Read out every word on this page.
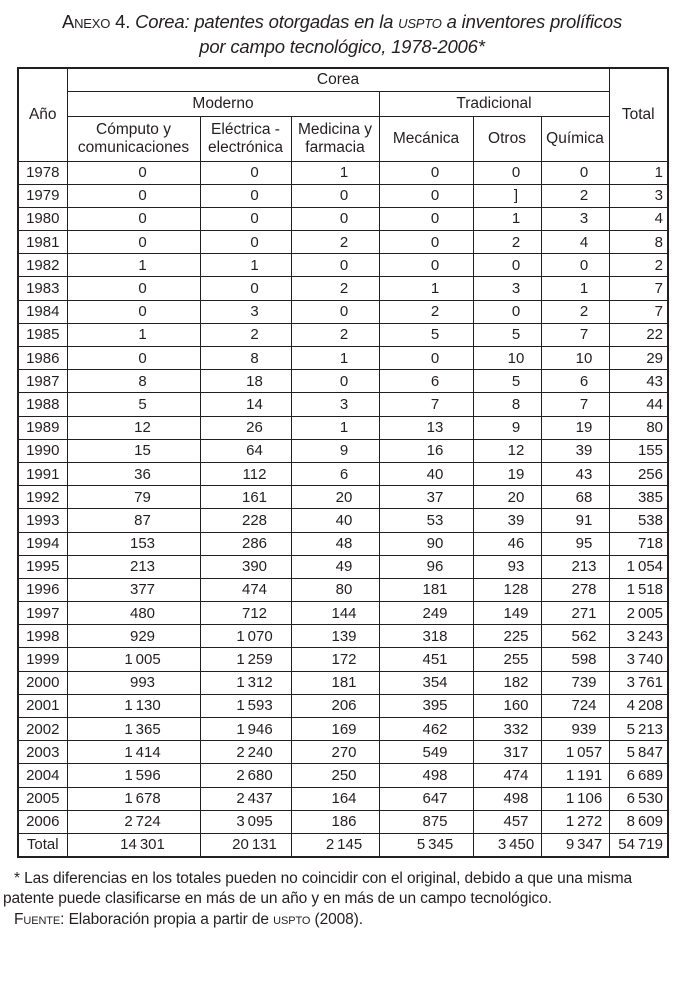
Anexo 4. Corea: patentes otorgadas en la uspto a inventores prolíficos
por campo tecnológico, 1978-2006*
Año	Corea						Total
	Moderno			Tradicional			
	Cómputo y comunicaciones	Eléctrica - electrónica	Medicina y farmacia	Mecánica	Otros	Química	
1978	0	0	1	0	0	0	1
1979	0	0	0	0	]	2	3
1980	0	0	0	0	1	3	4
1981	0	0	2	0	2	4	8
1982	1	1	0	0	0	0	2
1983	0	0	2	1	3	1	7
1984	0	3	0	2	0	2	7
1985	1	2	2	5	5	7	22
1986	0	8	1	0	10	10	29
1987	8	18	0	6	5	6	43
1988	5	14	3	7	8	7	44
1989	12	26	1	13	9	19	80
1990	15	64	9	16	12	39	155
1991	36	112	6	40	19	43	256
1992	79	161	20	37	20	68	385
1993	87	228	40	53	39	91	538
1994	153	286	48	90	46	95	718
1995	213	390	49	96	93	213	1 054
1996	377	474	80	181	128	278	1 518
1997	480	712	144	249	149	271	2 005
1998	929	1 070	139	318	225	562	3 243
1999	1 005	1 259	172	451	255	598	3 740
2000	993	1 312	181	354	182	739	3 761
2001	1 130	1 593	206	395	160	724	4 208
2002	1 365	1 946	169	462	332	939	5 213
2003	1 414	2 240	270	549	317	1 057	5 847
2004	1 596	2 680	250	498	474	1 191	6 689
2005	1 678	2 437	164	647	498	1 106	6 530
2006	2 724	3 095	186	875	457	1 272	8 609
Total	14 301	20 131	2 145	5 345	3 450	9 347	54 719

* Las diferencias en los totales pueden no coincidir con el original, debido a que una misma patente puede clasificarse en más de un año y en más de un campo tecnológico.

Fuente: Elaboración propia a partir de uspto (2008).
